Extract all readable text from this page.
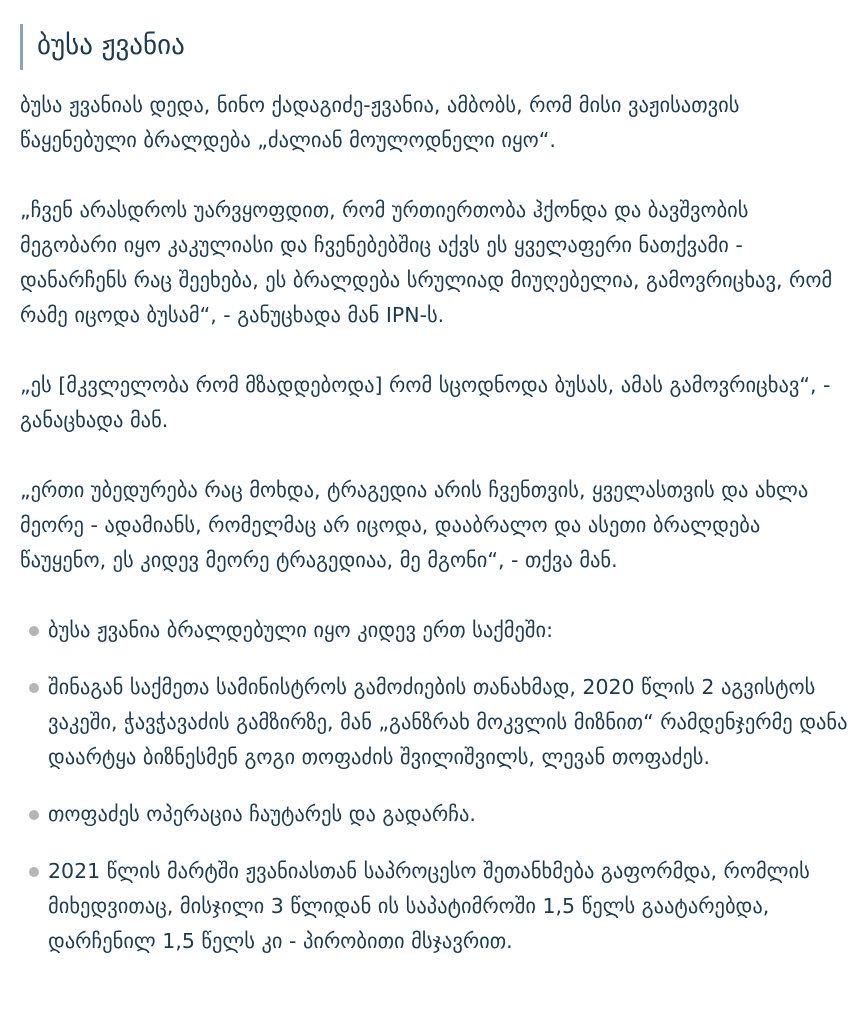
ბუსა ჟვანია

ბუსა ჟვანიას დედა, ნინო ქადაგიძე-ჟვანია, ამბობს, რომ მისი ვაჟისათვის წაყენებული ბრალდება „ძალიან მოულოდნელი იყო“.

„ჩვენ არასდროს უარვყოფდით, რომ ურთიერთობა ჰქონდა და ბავშვობის მეგობარი იყო კაკულიასი და ჩვენებებშიც აქვს ეს ყველაფერი ნათქვამი - დანარჩენს რაც შეეხება, ეს ბრალდება სრულიად მიუღებელია, გამოვრიცხავ, რომ რამე იცოდა ბუსამ“, - განუცხადა მან IPN-ს.

„ეს [მკვლელობა რომ მზადდებოდა] რომ სცოდნოდა ბუსას, ამას გამოვრიცხავ“, - განაცხადა მან.

„ერთი უბედურება რაც მოხდა, ტრაგედია არის ჩვენთვის, ყველასთვის და ახლა მეორე - ადამიანს, რომელმაც არ იცოდა, დააბრალო და ასეთი ბრალდება წაუყენო, ეს კიდევ მეორე ტრაგედიაა, მე მგონი“, - თქვა მან.

ბუსა ჟვანია ბრალდებული იყო კიდევ ერთ საქმეში:
შინაგან საქმეთა სამინისტროს გამოძიების თანახმად, 2020 წლის 2 აგვისტოს ვაკეში, ჭავჭავაძის გამზირზე, მან „განზრახ მოკვლის მიზნით“ რამდენჯერმე დანა დაარტყა ბიზნესმენ გოგი თოფაძის შვილიშვილს, ლევან თოფაძეს.
თოფაძეს ოპერაცია ჩაუტარეს და გადარჩა.
2021 წლის მარტში ჟვანიასთან საპროცესო შეთანხმება გაფორმდა, რომლის მიხედვითაც, მისჯილი 3 წლიდან ის საპატიმროში 1,5 წელს გაატარებდა, დარჩენილ 1,5 წელს კი - პირობითი მსჯავრით.
